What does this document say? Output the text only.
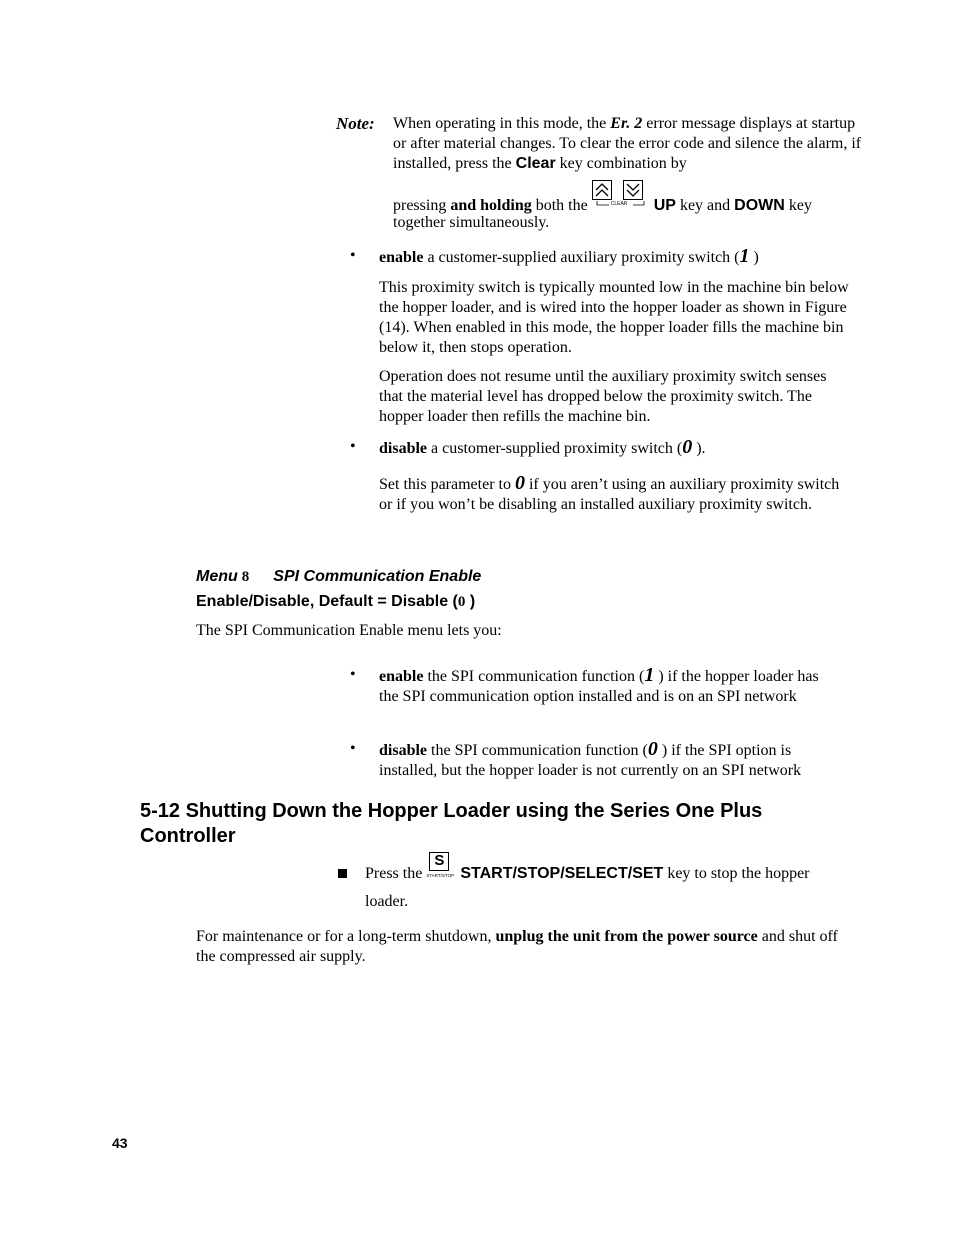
Note: When operating in this mode, the Er. 2 error message displays at startup or after material changes. To clear the error code and silence the alarm, if installed, press the Clear key combination by

pressing and holding both the	CLEAR UP key and DOWN key

together simultaneously.

• enable a customer-supplied auxiliary proximity switch (1 )

This proximity switch is typically mounted low in the machine bin below the hopper loader, and is wired into the hopper loader as shown in Figure (14). When enabled in this mode, the hopper loader fills the machine bin below it, then stops operation.

Operation does not resume until the auxiliary proximity switch senses that the material level has dropped below the proximity switch. The hopper loader then refills the machine bin.

• disable a customer-supplied proximity switch (0 ).

Set this parameter to 0 if you aren’t using an auxiliary proximity switch or if you won’t be disabling an installed auxiliary proximity switch.

Menu 8 SPI Communication Enable
Enable/Disable, Default = Disable (0 )
The SPI Communication Enable menu lets you:
• enable the SPI communication function (1 ) if the hopper loader has the SPI communication option installed and is on an SPI network

• disable the SPI communication function (0 ) if the SPI option is installed, but the hopper loader is not currently on an SPI network

5-12 Shutting Down the Hopper Loader using the Series One Plus Controller

Press the
S
START/STOP START/STOP/SELECT/SET key to stop the hopper loader.

For maintenance or for a long-term shutdown, unplug the unit from the power source and shut off the compressed air supply.
43
